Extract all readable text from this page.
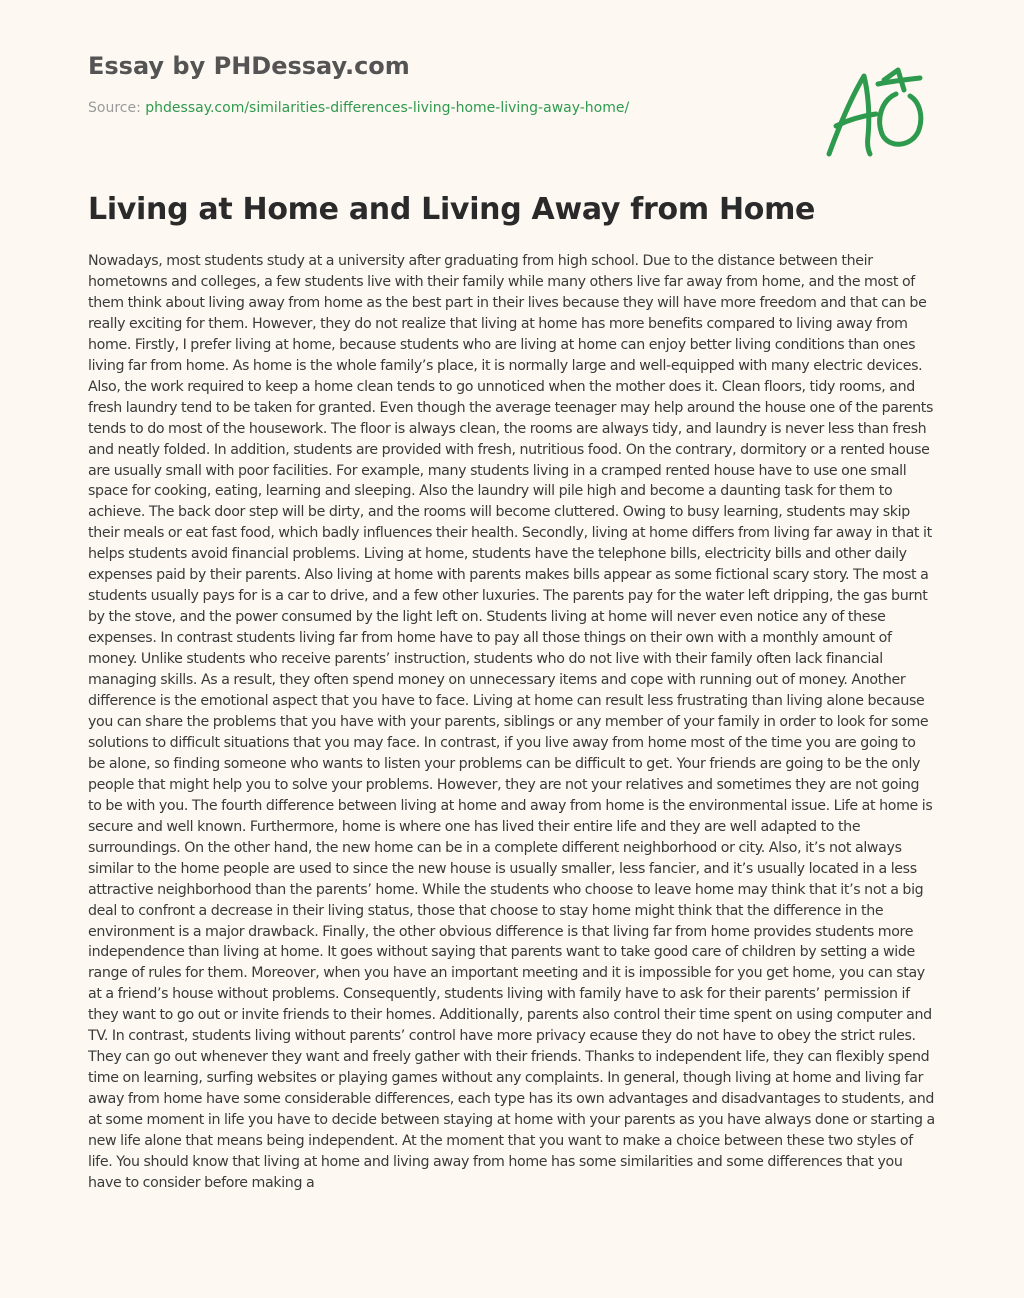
Essay by PHDessay.com
Source: phdessay.com/similarities-differences-living-home-living-away-home/
Living at Home and Living Away from Home

Nowadays, most students study at a university after graduating from high school. Due to the distance between their hometowns and colleges, a few students live with their family while many others live far away from home, and the most of them think about living away from home as the best part in their lives because they will have more freedom and that can be really exciting for them. However, they do not realize that living at home has more benefits compared to living away from home. Firstly, I prefer living at home, because students who are living at home can enjoy better living conditions than ones living far from home. As home is the whole family’s place, it is normally large and well-equipped with many electric devices. Also, the work required to keep a home clean tends to go unnoticed when the mother does it. Clean floors, tidy rooms, and fresh laundry tend to be taken for granted. Even though the average teenager may help around the house one of the parents tends to do most of the housework. The floor is always clean, the rooms are always tidy, and laundry is never less than fresh and neatly folded. In addition, students are provided with fresh, nutritious food. On the contrary, dormitory or a rented house are usually small with poor facilities. For example, many students living in a cramped rented house have to use one small space for cooking, eating, learning and sleeping. Also the laundry will pile high and become a daunting task for them to achieve. The back door step will be dirty, and the rooms will become cluttered. Owing to busy learning, students may skip their meals or eat fast food, which badly influences their health. Secondly, living at home differs from living far away in that it helps students avoid financial problems. Living at home, students have the telephone bills, electricity bills and other daily expenses paid by their parents. Also living at home with parents makes bills appear as some fictional scary story. The most a students usually pays for is a car to drive, and a few other luxuries. The parents pay for the water left dripping, the gas burnt by the stove, and the power consumed by the light left on. Students living at home will never even notice any of these expenses. In contrast students living far from home have to pay all those things on their own with a monthly amount of money. Unlike students who receive parents’ instruction, students who do not live with their family often lack financial managing skills. As a result, they often spend money on unnecessary items and cope with running out of money. Another difference is the emotional aspect that you have to face. Living at home can result less frustrating than living alone because you can share the problems that you have with your parents, siblings or any member of your family in order to look for some solutions to difficult situations that you may face. In contrast, if you live away from home most of the time you are going to be alone, so finding someone who wants to listen your problems can be difficult to get. Your friends are going to be the only people that might help you to solve your problems. However, they are not your relatives and sometimes they are not going to be with you. The fourth difference between living at home and away from home is the environmental issue. Life at home is secure and well known. Furthermore, home is where one has lived their entire life and they are well adapted to the surroundings. On the other hand, the new home can be in a complete different neighborhood or city. Also, it’s not always similar to the home people are used to since the new house is usually smaller, less fancier, and it’s usually located in a less attractive neighborhood than the parents’ home. While the students who choose to leave home may think that it’s not a big deal to confront a decrease in their living status, those that choose to stay home might think that the difference in the environment is a major drawback. Finally, the other obvious difference is that living far from home provides students more independence than living at home. It goes without saying that parents want to take good care of children by setting a wide range of rules for them. Moreover, when you have an important meeting and it is impossible for you get home, you can stay at a friend’s house without problems. Consequently, students living with family have to ask for their parents’ permission if they want to go out or invite friends to their homes. Additionally, parents also control their time spent on using computer and TV. In contrast, students living without parents’ control have more privacy ecause they do not have to obey the strict rules. They can go out whenever they want and freely gather with their friends. Thanks to independent life, they can flexibly spend time on learning, surfing websites or playing games without any complaints. In general, though living at home and living far away from home have some considerable differences, each type has its own advantages and disadvantages to students, and at some moment in life you have to decide between staying at home with your parents as you have always done or starting a new life alone that means being independent. At the moment that you want to make a choice between these two styles of life. You should know that living at home and living away from home has some similarities and some differences that you have to consider before making a
